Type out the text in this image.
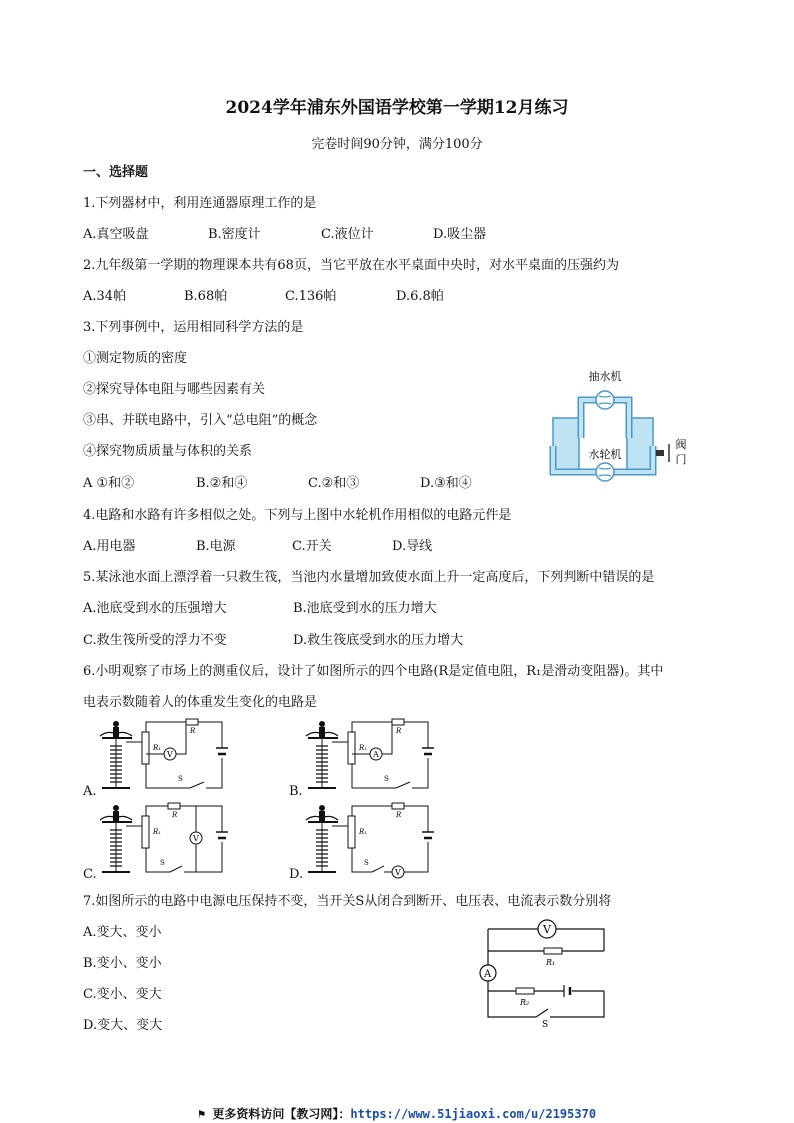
2024学年浦东外国语学校第一学期12月练习
完卷时间90分钟，满分100分
一、选择题
1.下列器材中，利用连通器原理工作的是
A.真空吸盘	B.密度计	C.液位计	D.吸尘器
2.九年级第一学期的物理课本共有68页，当它平放在水平桌面中央时，对水平桌面的压强约为
A.34帕	B.68帕	C.136帕	D.6.8帕
3.下列事例中，运用相同科学方法的是
①测定物质的密度
②探究导体电阻与哪些因素有关
③串、并联电路中，引入“总电阻”的概念
④探究物质质量与体积的关系
A ①和②	B.②和④	C.②和③	D.③和④
抽水机
水轮机
阀
门
4.电路和水路有许多相似之处。下列与上图中水轮机作用相似的电路元件是
A.用电器	B.电源	C.开关	D.导线
5.某泳池水面上漂浮着一只救生筏，当池内水量增加致使水面上升一定高度后，下列判断中错误的是
A.池底受到水的压强增大	B.池底受到水的压力增大
C.救生筏所受的浮力不变	D.救生筏底受到水的压力增大
6.小明观察了市场上的测重仪后，设计了如图所示的四个电路(R是定值电阻，R₁是滑动变阻器)。其中
电表示数随着人的体重发生变化的电路是
A.	B.
C.	D.
R₁
R
V
S
R₁
R
A
S
R₁
R
V
S
R₁
R
V
S
7.如图所示的电路中电源电压保持不变，当开关S从闭合到断开、电压表、电流表示数分别将
A.变大、变小
B.变小、变小
C.变小、变大
D.变大、变大
V
A
R₁
R₂
S
⚑ 更多资料访问【教习网】：https://www.51jiaoxi.com/u/2195370
